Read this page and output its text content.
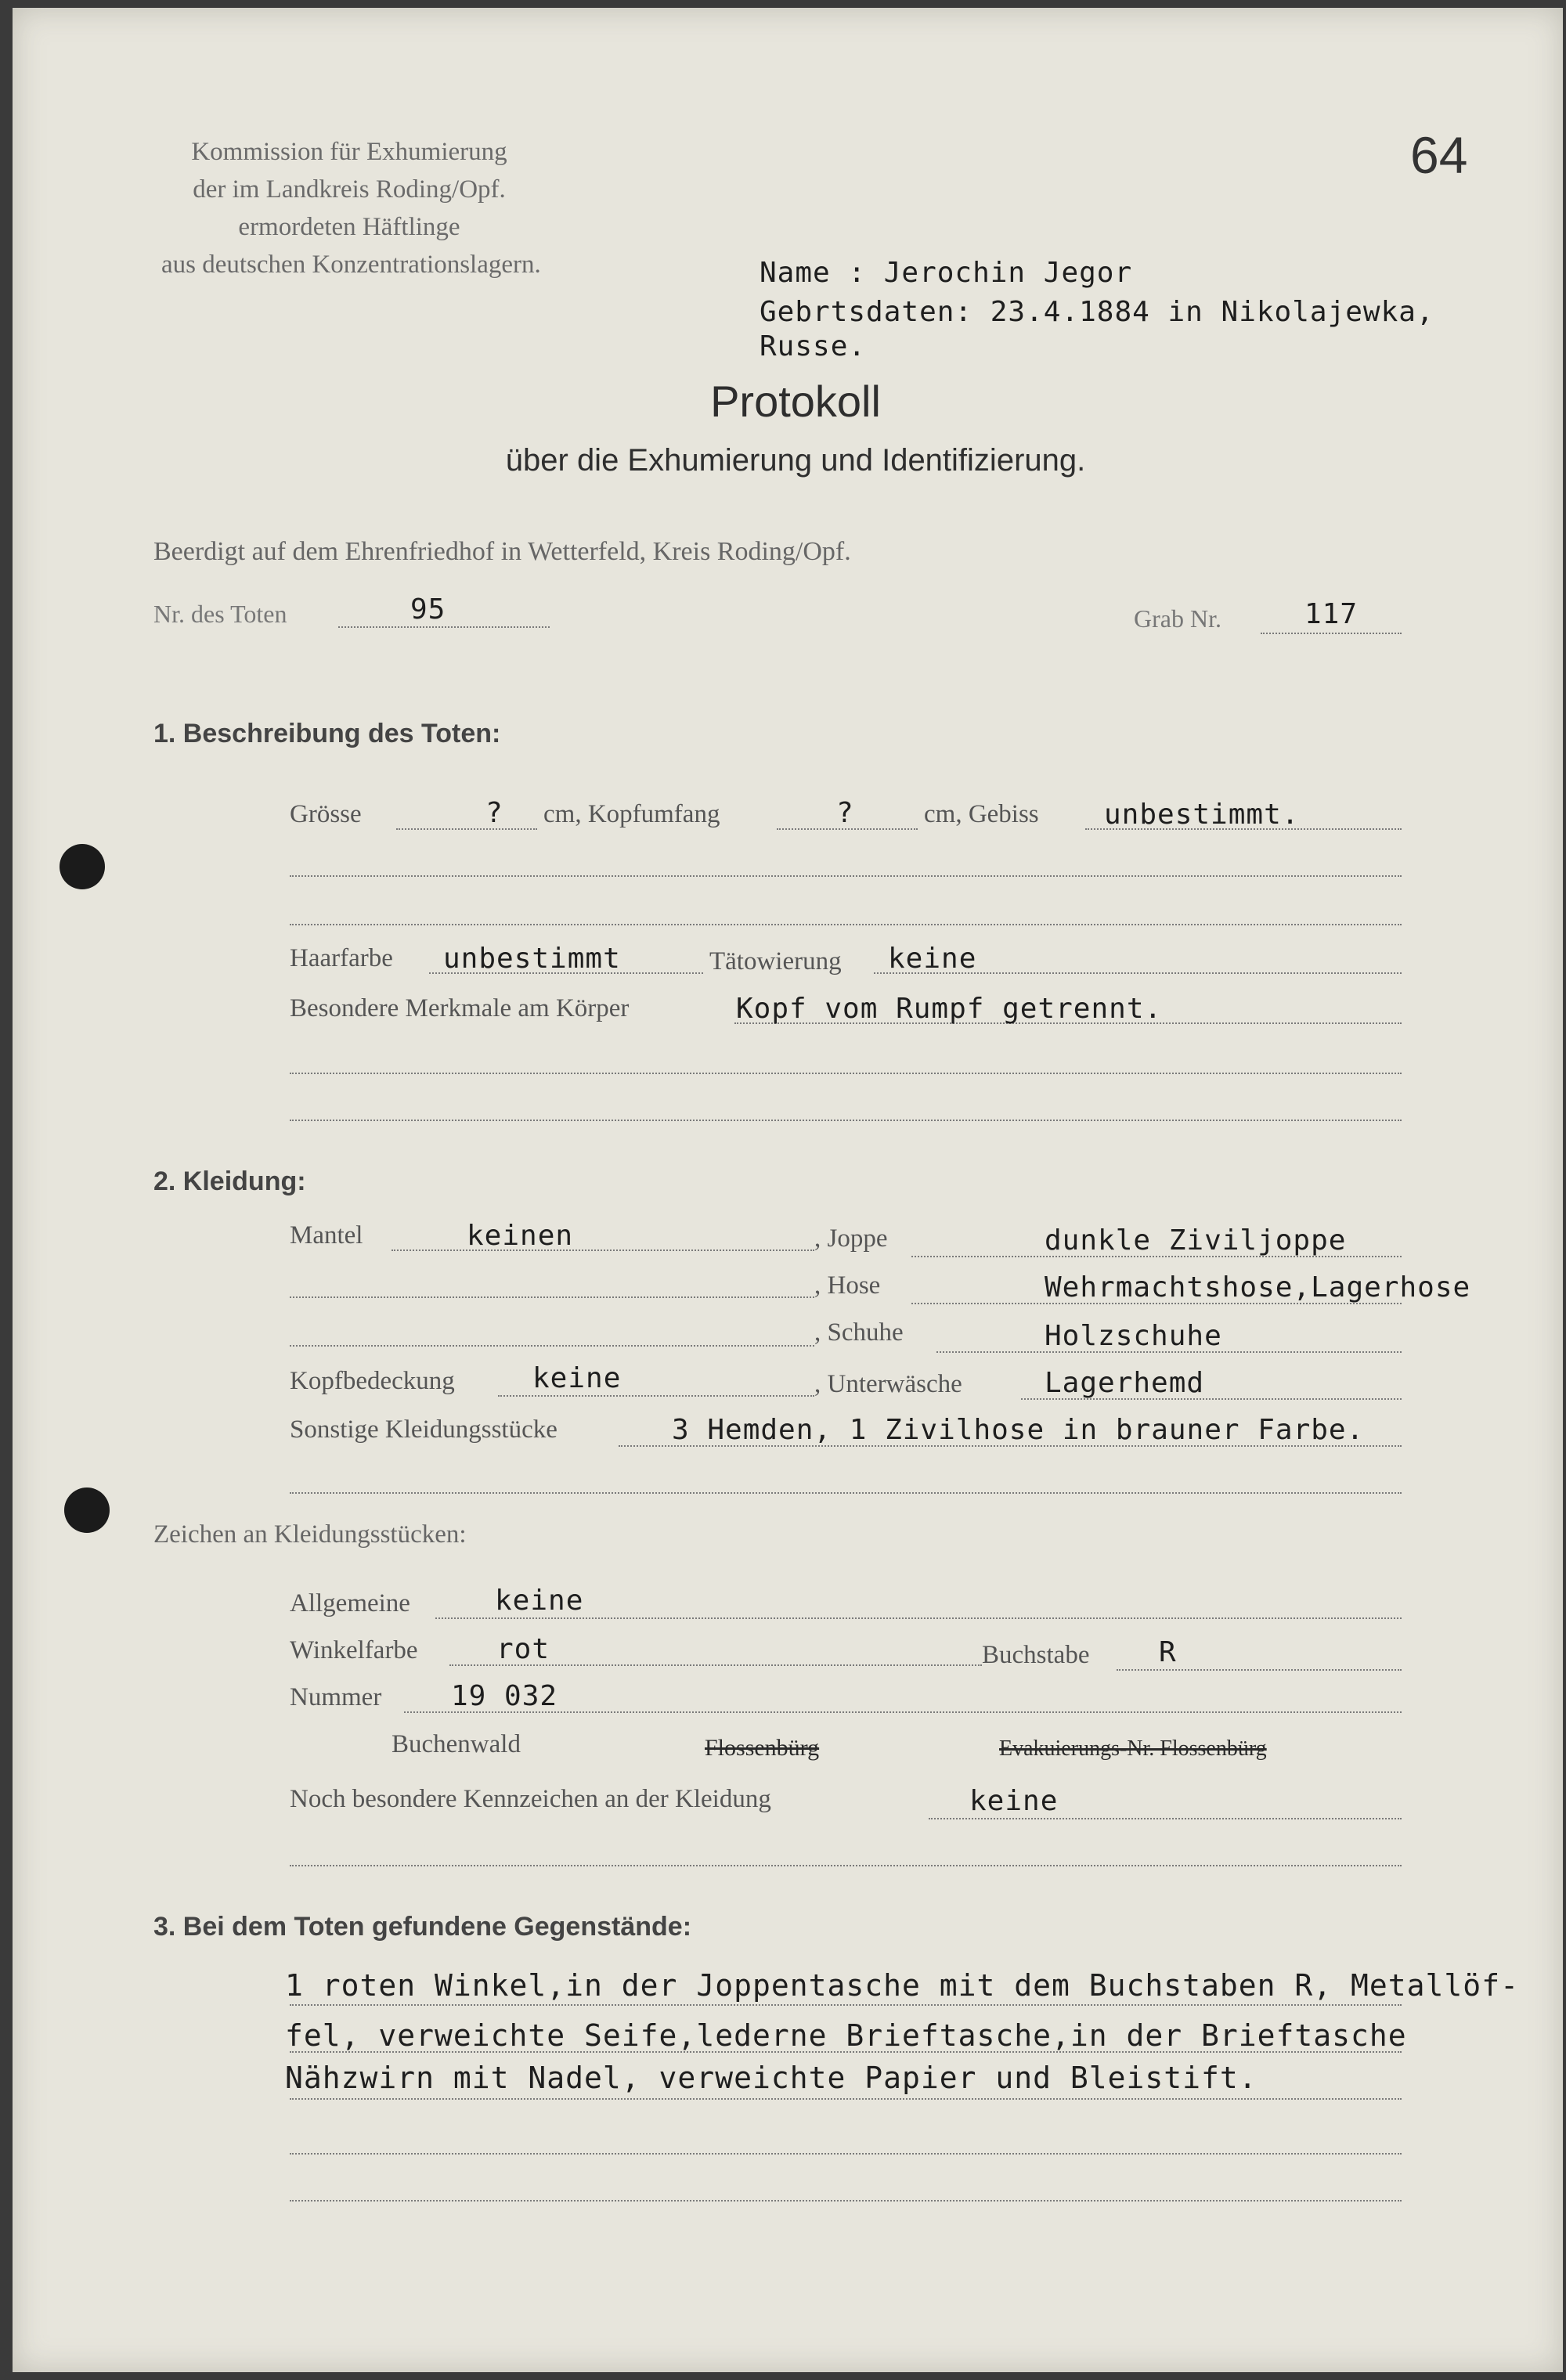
Kommission für Exhumierung
der im Landkreis Roding/Opf.
ermordeten Häftlinge
aus deutschen Konzentrationslagern.
64
Name : Jerochin Jegor
Gebrtsdaten: 23.4.1884 in Nikolajewka,
Russe.
Protokoll
über die Exhumierung und Identifizierung.
Beerdigt auf dem Ehrenfriedhof in Wetterfeld, Kreis Roding/Opf.
Nr. des Toten	95	Grab Nr.	117
1. Beschreibung des Toten:
Grösse	? cm, Kopfumfang	?	cm, Gebiss unbestimmt.
Haarfarbe unbestimmt	Tätowierung keine
Besondere Merkmale am Körper	Kopf vom Rumpf getrennt.
2. Kleidung:
Mantel	keinen	, Joppe	dunkle Ziviljoppe
, Hose	Wehrmachtshose,Lagerhose
, Schuhe	Holzschuhe
Kopfbedeckung	keine	, Unterwäsche	Lagerhemd
Sonstige Kleidungsstücke	3 Hemden, 1 Zivilhose in brauner Farbe.
Zeichen an Kleidungsstücken:
Allgemeine	keine
Winkelfarbe	rot	Buchstabe R
Nummer 19 032
Buchenwald	Flossenbürg	Evakuierungs-Nr. Flossenbürg
Noch besondere Kennzeichen an der Kleidung	keine
3. Bei dem Toten gefundene Gegenstände:
1 roten Winkel,in der Joppentasche mit dem Buchstaben R, Metallöf-
fel, verweichte Seife,lederne Brieftasche,in der Brieftasche
Nähzwirn mit Nadel, verweichte Papier und Bleistift.
